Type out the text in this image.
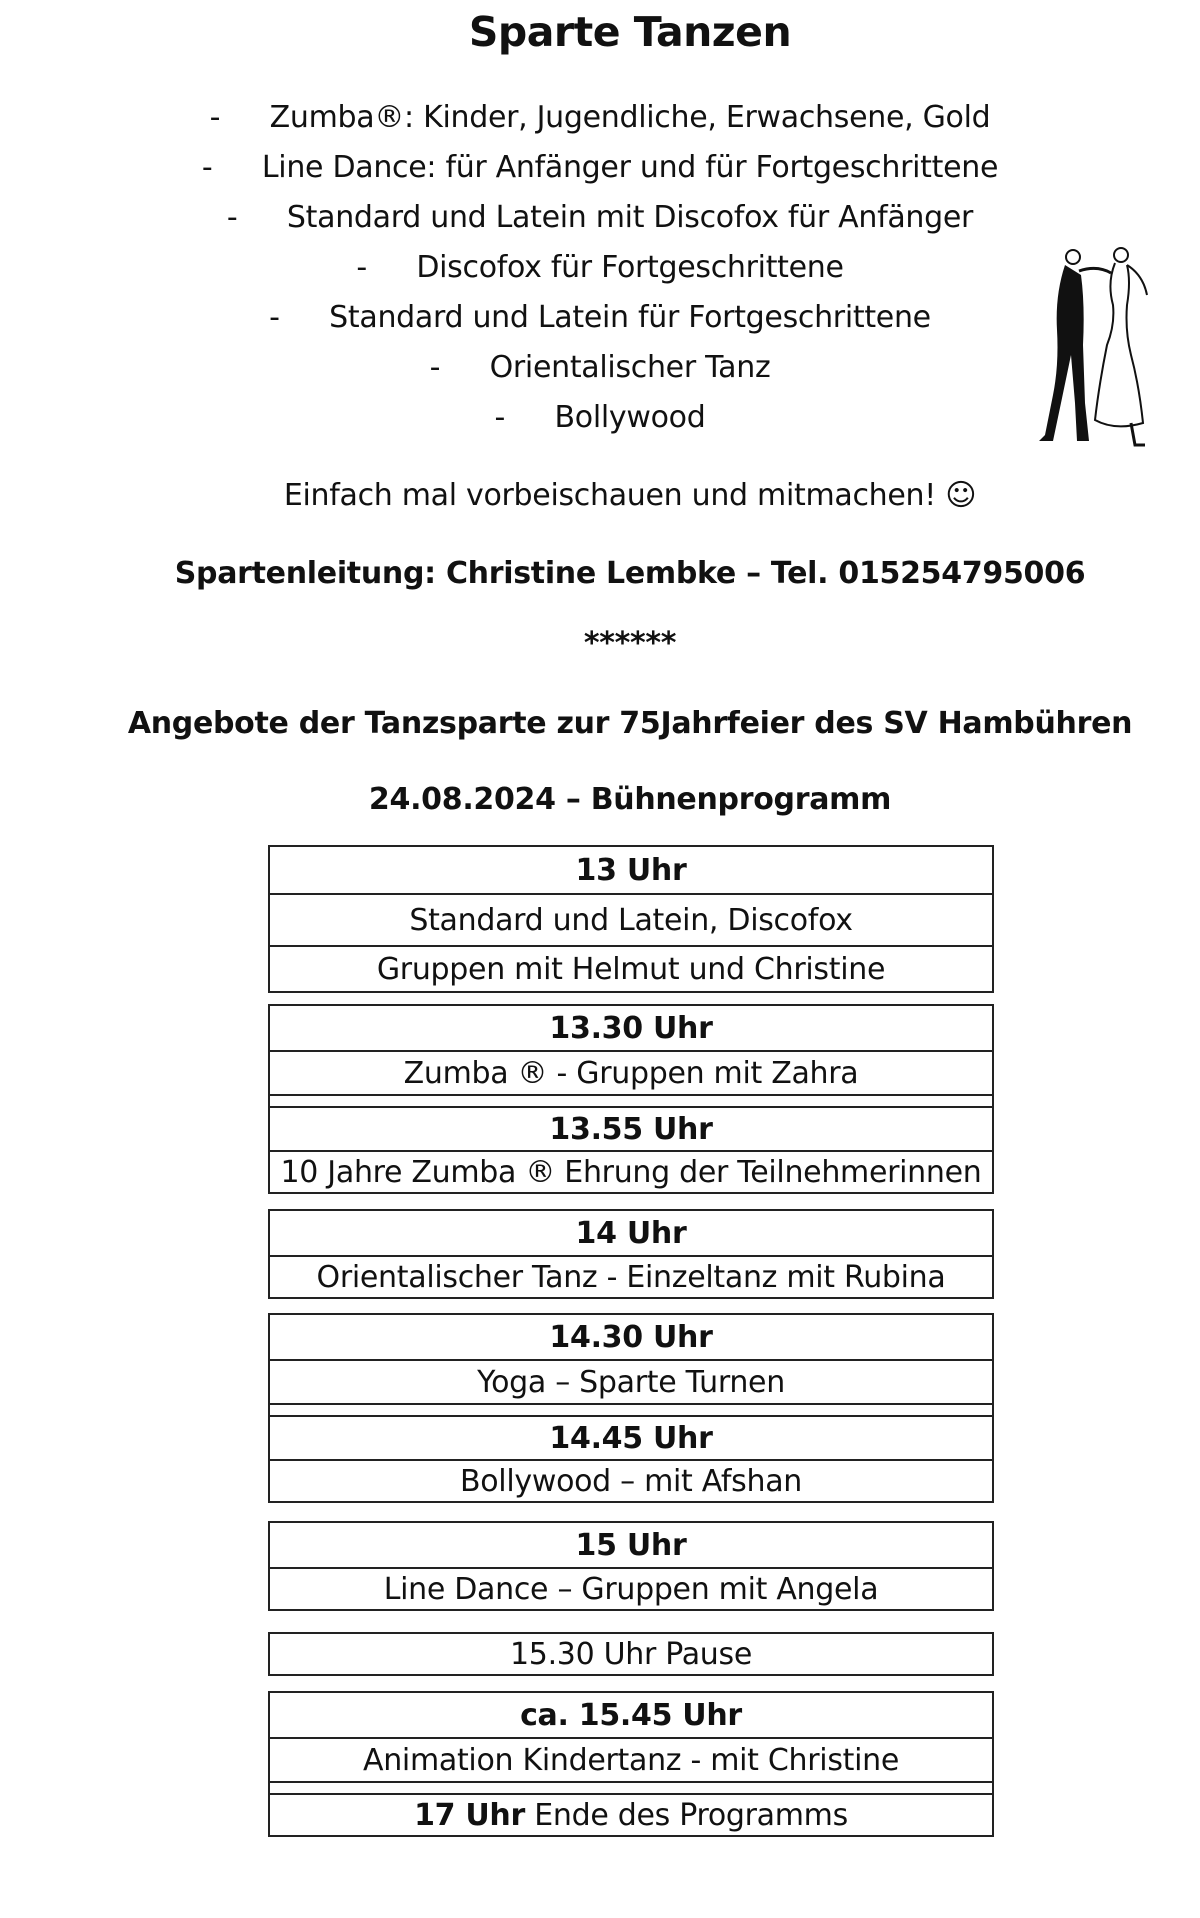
Sparte Tanzen
- Zumba®: Kinder, Jugendliche, Erwachsene, Gold
- Line Dance: für Anfänger und für Fortgeschrittene
- Standard und Latein mit Discofox für Anfänger
- Discofox für Fortgeschrittene
- Standard und Latein für Fortgeschrittene
- Orientalischer Tanz
- Bollywood
Einfach mal vorbeischauen und mitmachen! ☺
Spartenleitung: Christine Lembke – Tel. 015254795006
******
Angebote der Tanzsparte zur 75Jahrfeier des SV Hambühren
24.08.2024 – Bühnenprogramm
13 Uhr
Standard und Latein, Discofox
Gruppen mit Helmut und Christine
13.30 Uhr
Zumba ® - Gruppen mit Zahra
13.55 Uhr
10 Jahre Zumba ® Ehrung der Teilnehmerinnen
14 Uhr
Orientalischer Tanz - Einzeltanz mit Rubina
14.30 Uhr
Yoga – Sparte Turnen
14.45 Uhr
Bollywood – mit Afshan
15 Uhr
Line Dance – Gruppen mit Angela
15.30 Uhr Pause
ca. 15.45 Uhr
Animation Kindertanz - mit Christine
17 Uhr
Ende des Programms
